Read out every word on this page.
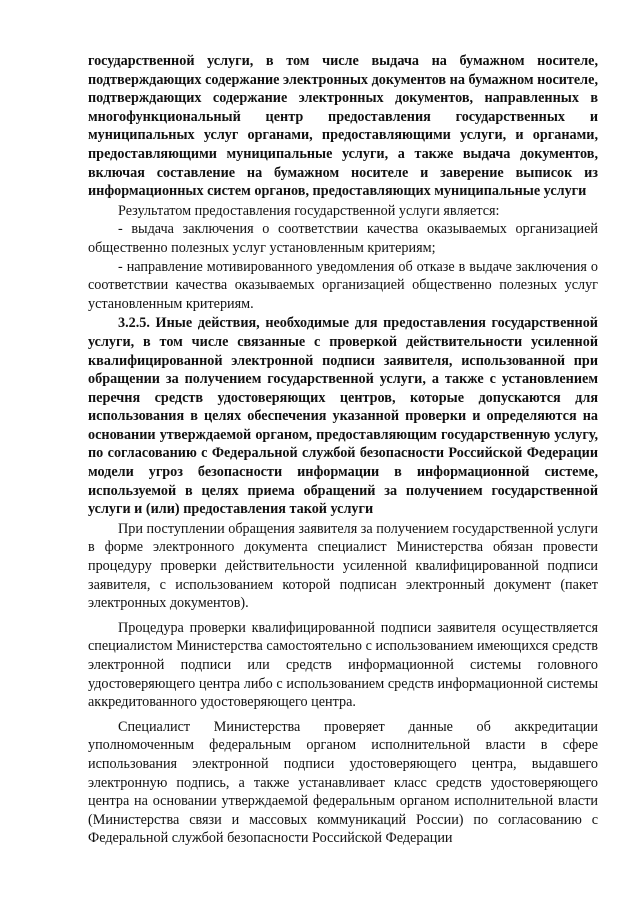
государственной услуги, в том числе выдача на бумажном носителе, подтверждающих содержание электронных документов на бумажном носителе, подтверждающих содержание электронных документов, направленных в многофункциональный центр предоставления государственных и муниципальных услуг органами, предоставляющими услуги, и органами, предоставляющими муниципальные услуги, а также выдача документов, включая составление на бумажном носителе и заверение выписок из информационных систем органов, предоставляющих муниципальные услуги

Результатом предоставления государственной услуги является:

- выдача заключения о соответствии качества оказываемых организацией общественно полезных услуг установленным критериям;

- направление мотивированного уведомления об отказе в выдаче заключения о соответствии качества оказываемых организацией общественно полезных услуг установленным критериям.

3.2.5. Иные действия, необходимые для предоставления государственной услуги, в том числе связанные с проверкой действительности усиленной квалифицированной электронной подписи заявителя, использованной при обращении за получением государственной услуги, а также с установлением перечня средств удостоверяющих центров, которые допускаются для использования в целях обеспечения указанной проверки и определяются на основании утверждаемой органом, предоставляющим государственную услугу, по согласованию с Федеральной службой безопасности Российской Федерации модели угроз безопасности информации в информационной системе, используемой в целях приема обращений за получением государственной услуги и (или) предоставления такой услуги

При поступлении обращения заявителя за получением государственной услуги в форме электронного документа специалист Министерства обязан провести процедуру проверки действительности усиленной квалифицированной подписи заявителя, с использованием которой подписан электронный документ (пакет электронных документов).

Процедура проверки квалифицированной подписи заявителя осуществляется специалистом Министерства самостоятельно с использованием имеющихся средств электронной подписи или средств информационной системы головного удостоверяющего центра либо с использованием средств информационной системы аккредитованного удостоверяющего центра.

Специалист Министерства проверяет данные об аккредитации уполномоченным федеральным органом исполнительной власти в сфере использования электронной подписи удостоверяющего центра, выдавшего электронную подпись, а также устанавливает класс средств удостоверяющего центра на основании утверждаемой федеральным органом исполнительной власти (Министерства связи и массовых коммуникаций России) по согласованию с Федеральной службой безопасности Российской Федерации
